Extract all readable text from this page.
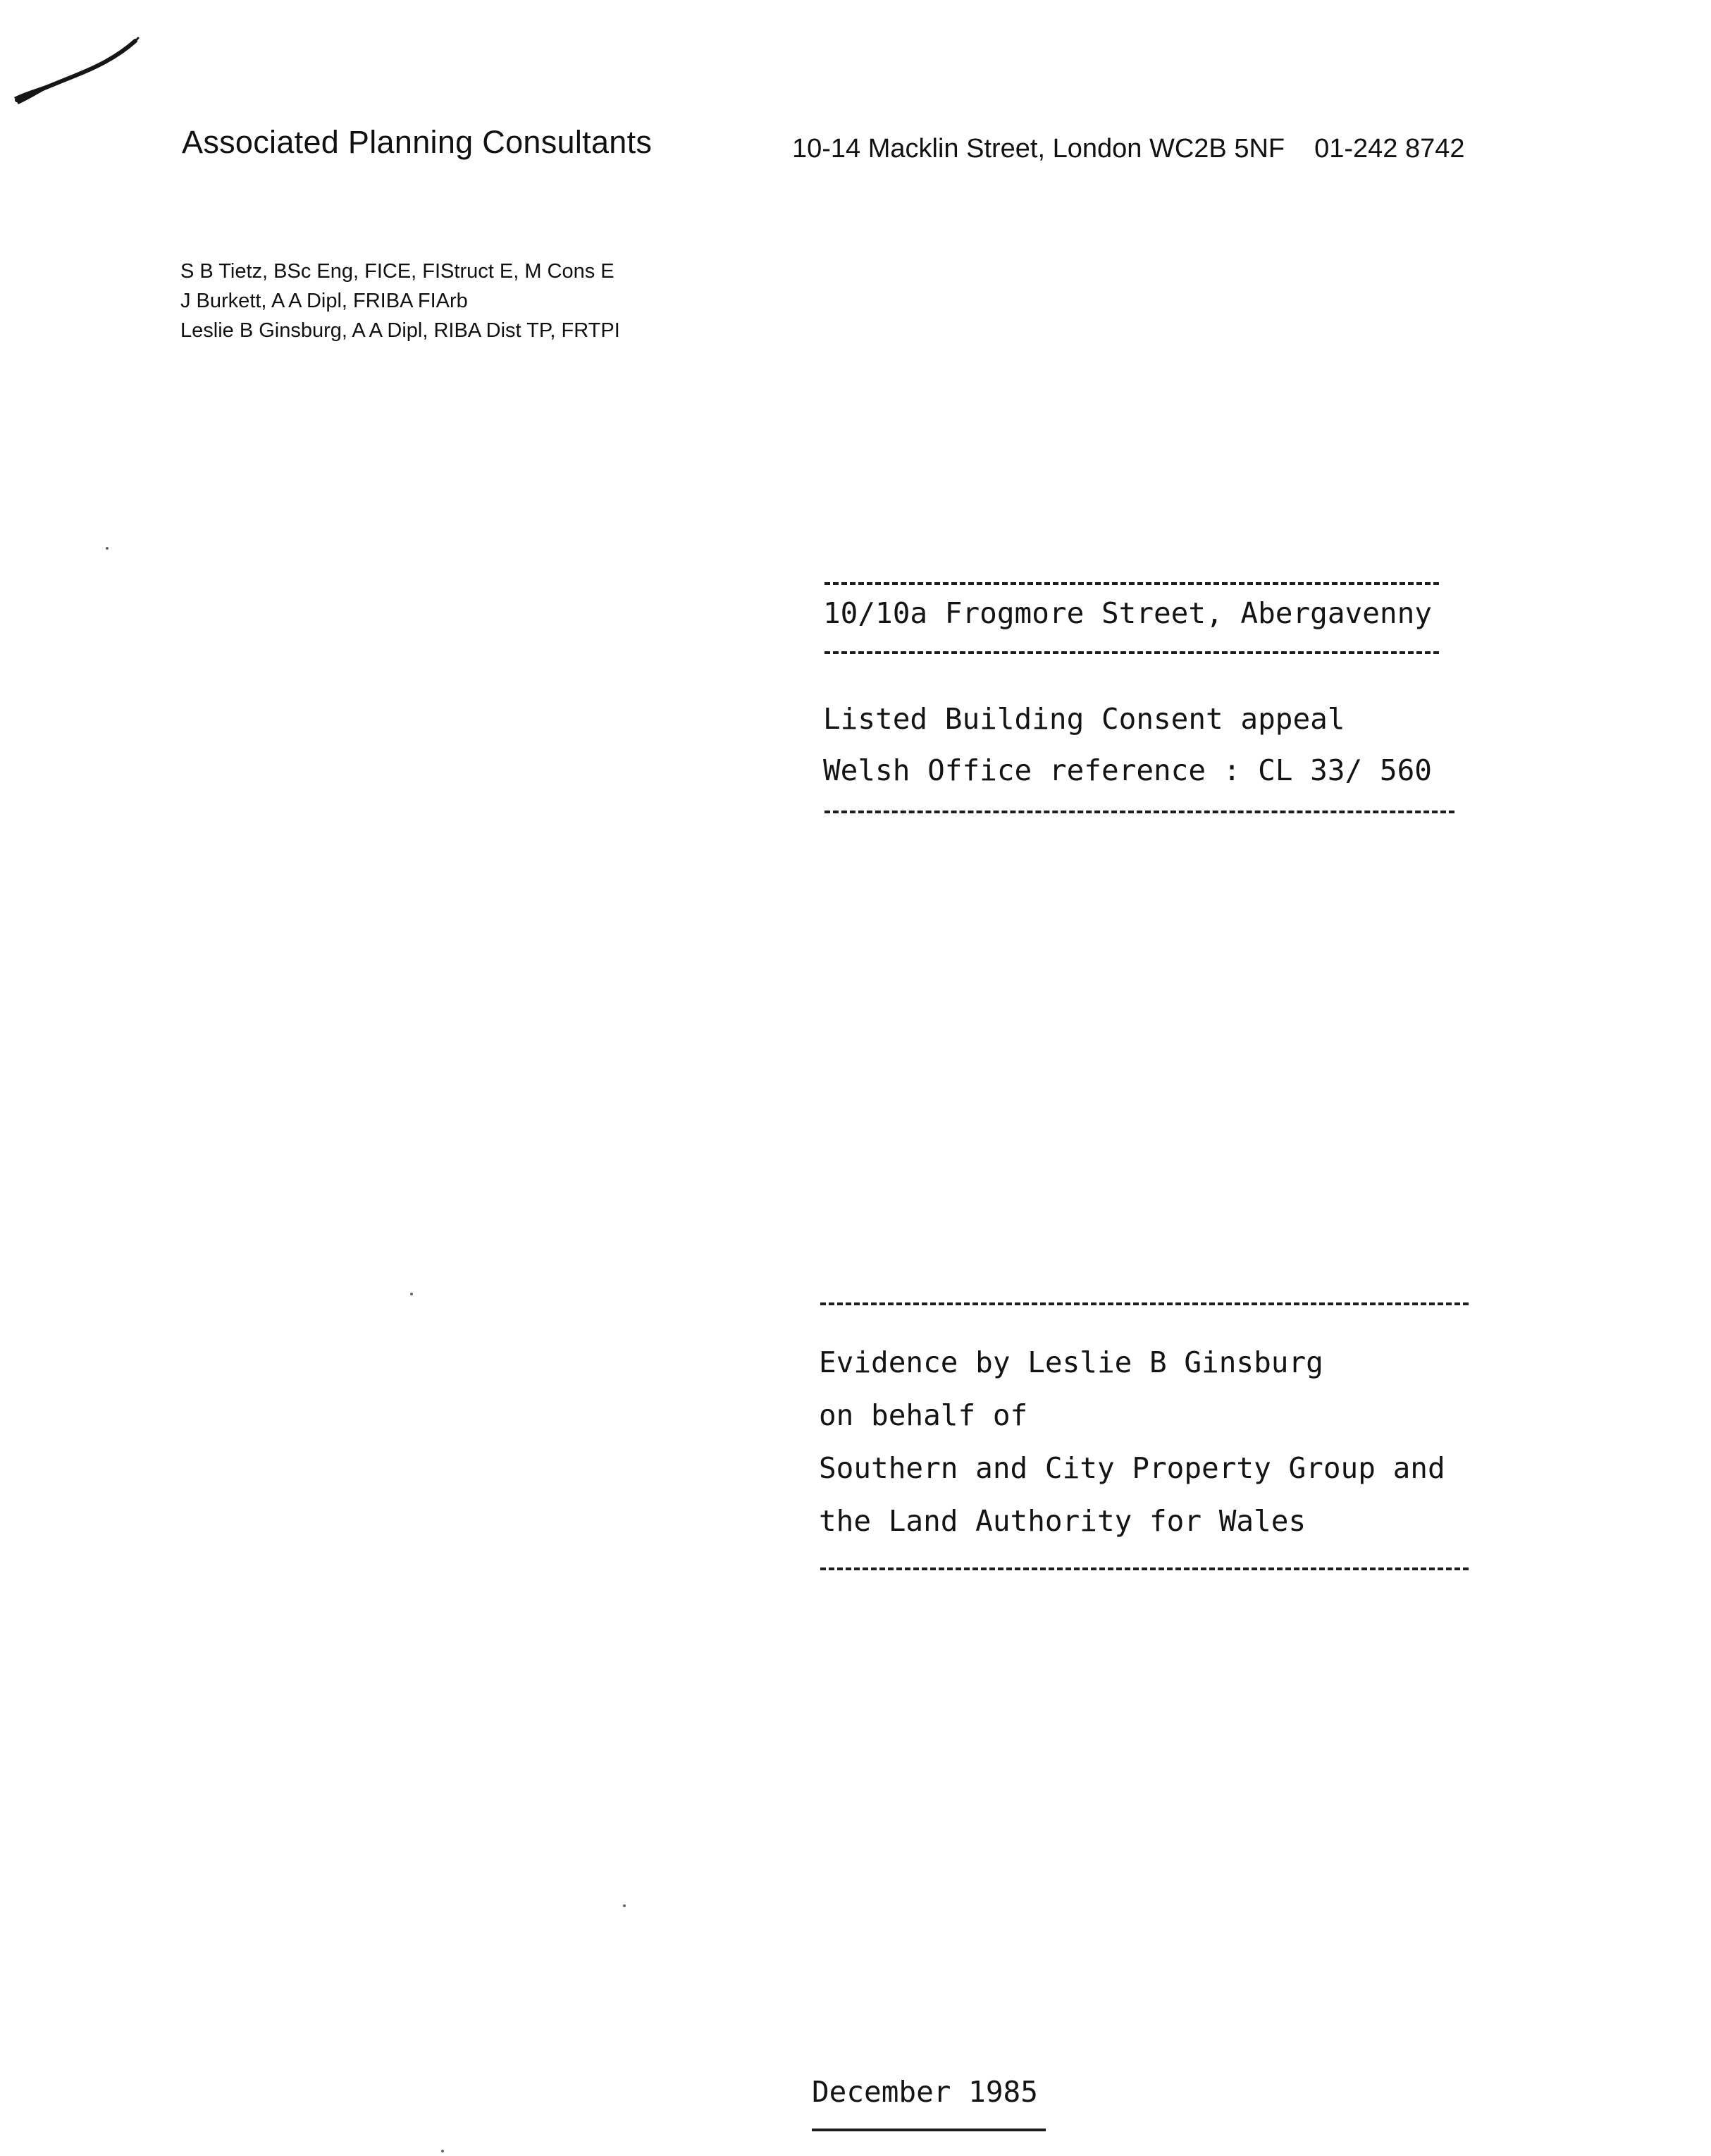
Associated Planning Consultants	10-14 Macklin Street, London WC2B 5NF 01-242 8742
S B Tietz, BSc Eng, FICE, FIStruct E, M Cons E
J Burkett, A A Dipl, FRIBA FIArb
Leslie B Ginsburg, A A Dipl, RIBA Dist TP, FRTPI
10/10a Frogmore Street, Abergavenny
Listed Building Consent appeal
Welsh Office reference : CL 33/ 560
Evidence by Leslie B Ginsburg
on behalf of
Southern and City Property Group and
the Land Authority for Wales
December 1985
